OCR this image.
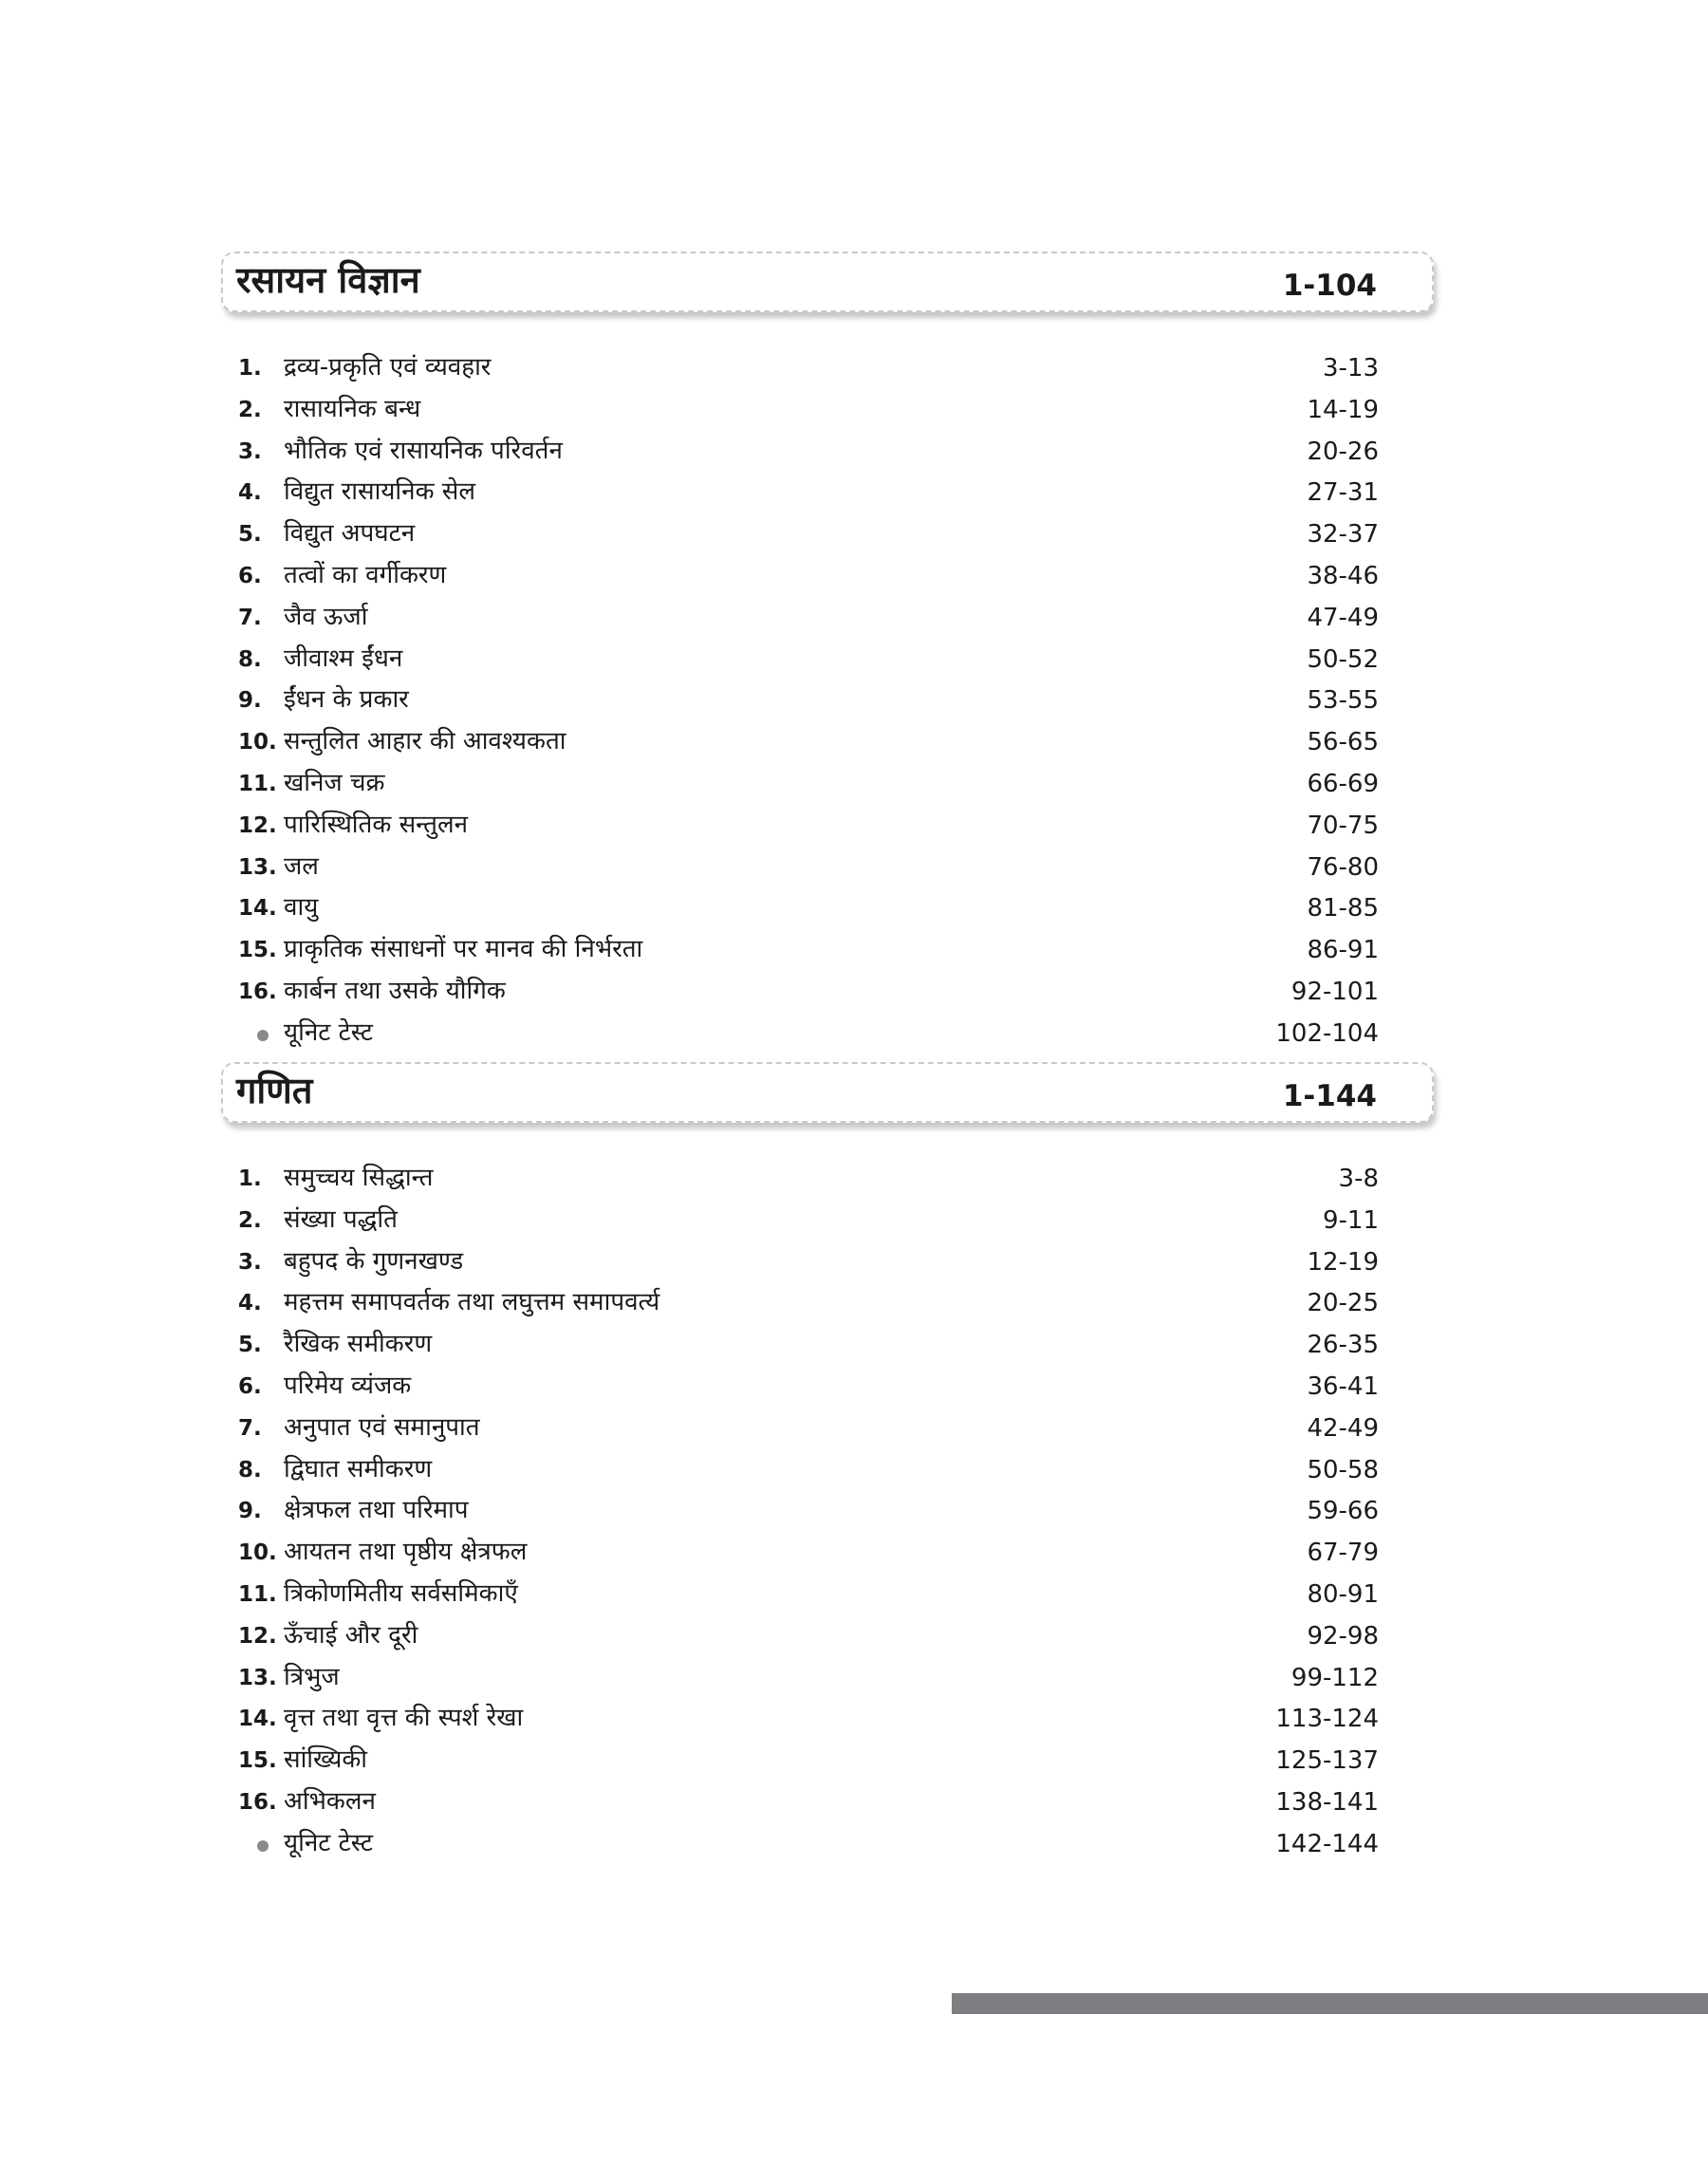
रसायन विज्ञान	1-104
1. द्रव्य-प्रकृति एवं व्यवहार	3-13
2. रासायनिक बन्ध	14-19
3. भौतिक एवं रासायनिक परिवर्तन	20-26
4. विद्युत रासायनिक सेल	27-31
5. विद्युत अपघटन	32-37
6. तत्वों का वर्गीकरण	38-46
7. जैव ऊर्जा	47-49
8. जीवाश्म ईंधन	50-52
9. ईंधन के प्रकार	53-55
10. सन्तुलित आहार की आवश्यकता	56-65
11. खनिज चक्र	66-69
12. पारिस्थितिक सन्तुलन	70-75
13. जल	76-80
14. वायु	81-85
15. प्राकृतिक संसाधनों पर मानव की निर्भरता	86-91
16. कार्बन तथा उसके यौगिक	92-101
यूनिट टेस्ट	102-104
गणित	1-144
1. समुच्चय सिद्धान्त	3-8
2. संख्या पद्धति	9-11
3. बहुपद के गुणनखण्ड	12-19
4. महत्तम समापवर्तक तथा लघुत्तम समापवर्त्य	20-25
5. रैखिक समीकरण	26-35
6. परिमेय व्यंजक	36-41
7. अनुपात एवं समानुपात	42-49
8. द्विघात समीकरण	50-58
9. क्षेत्रफल तथा परिमाप	59-66
10. आयतन तथा पृष्ठीय क्षेत्रफल	67-79
11. त्रिकोणमितीय सर्वसमिकाएँ	80-91
12. ऊँचाई और दूरी	92-98
13. त्रिभुज	99-112
14. वृत्त तथा वृत्त की स्पर्श रेखा	113-124
15. सांख्यिकी	125-137
16. अभिकलन	138-141
यूनिट टेस्ट	142-144
